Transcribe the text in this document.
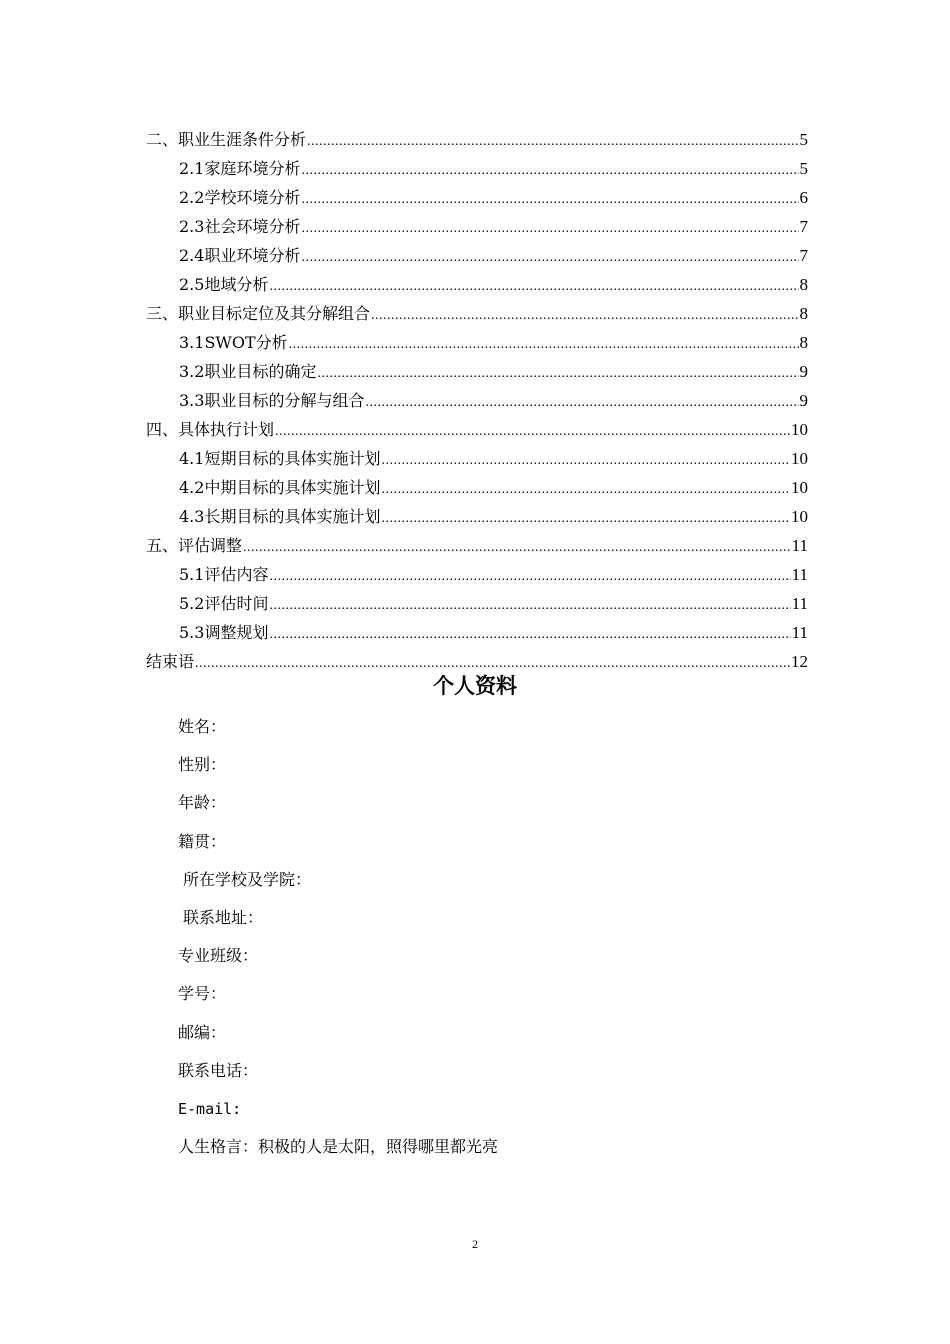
二、职业生涯条件分析 .....	5
2.1家庭环境分析 .....	5
2.2学校环境分析 .....	6
2.3社会环境分析 .....	7
2.4职业环境分析 .....	7
2.5地域分析 .....	8
三、职业目标定位及其分解组合 .....	8
3.1SWOT分析 .....	8
3.2职业目标的确定 .....	9
3.3职业目标的分解与组合 .....	9
四、具体执行计划 .....	10
4.1短期目标的具体实施计划 .....	10
4.2中期目标的具体实施计划 .....	10
4.3长期目标的具体实施计划 .....	10
五、评估调整 .....	11
5.1评估内容 .....	11
5.2评估时间 .....	11
5.3调整规划 .....	11
结束语 .....	12
个人资料
姓名：
性别：
年龄：
籍贯：
所在学校及学院：
联系地址：
专业班级：
学号：
邮编：
联系电话：
E-mail:
人生格言：积极的人是太阳，照得哪里都光亮
2
